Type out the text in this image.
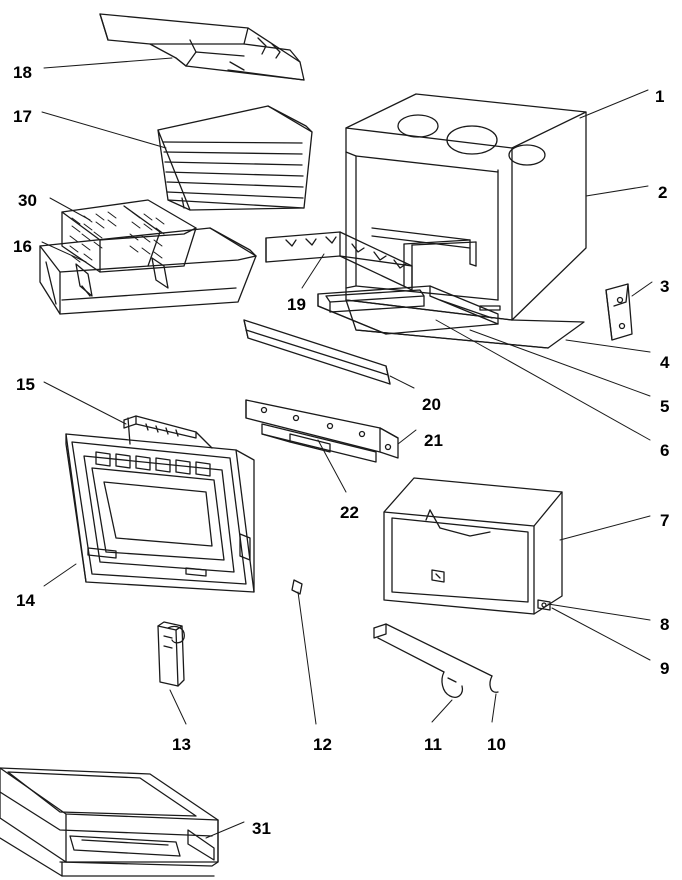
1
2
3
4
5
6
7
8
9
10
11
12
13
14
15
16
17
18
19
20
21
22
30
31
